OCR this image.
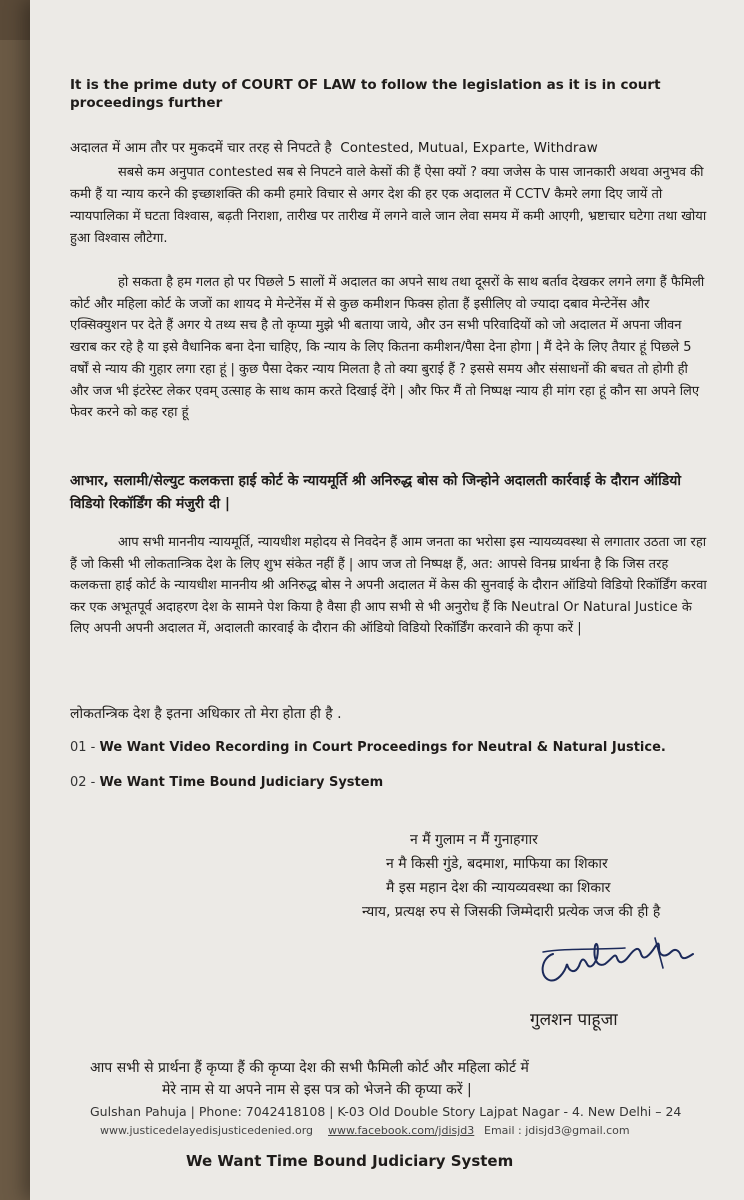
It is the prime duty of COURT OF LAW to follow the legislation as it is in court proceedings further
अदालत में आम तौर पर मुकदमें चार तरह से निपटते है Contested, Mutual, Exparte, Withdraw
सबसे कम अनुपात contested सब से निपटने वाले केसों की हैं ऐसा क्यों ? क्या जजेस के पास जानकारी अथवा अनुभव की कमी हैं या न्याय करने की इच्छाशक्ति की कमी हमारे विचार से अगर देश की हर एक अदालत में CCTV कैमरे लगा दिए जायें तो न्यायपालिका में घटता विश्वास, बढ़ती निराशा, तारीख पर तारीख में लगने वाले जान लेवा समय में कमी आएगी, भ्रष्टाचार घटेगा तथा खोया हुआ विश्वास लौटेगा.
हो सकता है हम गलत हो पर पिछले 5 सालों में अदालत का अपने साथ तथा दूसरों के साथ बर्ताव देखकर लगने लगा हैं फैमिली कोर्ट और महिला कोर्ट के जजों का शायद मे मेन्टेनेंस में से कुछ कमीशन फिक्स होता हैं इसीलिए वो ज्यादा दबाव मेन्टेनेंस और एक्सिक्युशन पर देते हैं अगर ये तथ्य सच है तो कृप्या मुझे भी बताया जाये, और उन सभी परिवादियों को जो अदालत में अपना जीवन खराब कर रहे है या इसे वैधानिक बना देना चाहिए, कि न्याय के लिए कितना कमीशन/पैसा देना होगा | मैं देने के लिए तैयार हूं पिछले 5 वर्षों से न्याय की गुहार लगा रहा हूं | कुछ पैसा देकर न्याय मिलता है तो क्या बुराई हैं ? इससे समय और संसाधनों की बचत तो होगी ही और जज भी इंटरेस्ट लेकर एवम् उत्साह के साथ काम करते दिखाई देंगे | और फिर मैं तो निष्पक्ष न्याय ही मांग रहा हूं कौन सा अपने लिए फेवर करने को कह रहा हूं
आभार, सलामी/सेल्युट कलकत्ता हाई कोर्ट के न्यायमूर्ति श्री अनिरुद्ध बोस को जिन्होने अदालती कार्रवाई के दौरान ऑडियो विडियो रिकॉर्डिंग की मंजुरी दी |
आप सभी माननीय न्यायमूर्ति, न्यायधीश महोदय से निवदेन हैं आम जनता का भरोसा इस न्यायव्यवस्था से लगातार उठता जा रहा हैं जो किसी भी लोकतान्त्रिक देश के लिए शुभ संकेत नहीं हैं | आप जज तो निष्पक्ष हैं, अत: आपसे विनम्र प्रार्थना है कि जिस तरह कलकत्ता हाई कोर्ट के न्यायधीश माननीय श्री अनिरुद्ध बोस ने अपनी अदालत में केस की सुनवाई के दौरान ऑडियो विडियो रिकॉर्डिंग करवा कर एक अभूतपूर्व अदाहरण देश के सामने पेश किया है वैसा ही आप सभी से भी अनुरोध हैं कि Neutral Or Natural Justice के लिए अपनी अपनी अदालत में, अदालती कारवाई के दौरान की ऑडियो विडियो रिकॉर्डिंग करवाने की कृपा करें |
लोकतन्त्रिक देश है इतना अधिकार तो मेरा होता ही है .
01 - We Want Video Recording in Court Proceedings for Neutral & Natural Justice.
02 - We Want Time Bound Judiciary System
न मैं गुलाम न मैं गुनाहगार
न मै किसी गुंडे, बदमाश, माफिया का शिकार
मै इस महान देश की न्यायव्यवस्था का शिकार
न्याय, प्रत्यक्ष रुप से जिसकी जिम्मेदारी प्रत्येक जज की ही है
गुलशन पाहूजा
आप सभी से प्रार्थना हैं कृप्या हैं की कृप्या देश की सभी फैमिली कोर्ट और महिला कोर्ट में
मेरे नाम से या अपने नाम से इस पत्र को भेजने की कृप्या करें |
Gulshan Pahuja | Phone: 7042418108 | K-03 Old Double Story Lajpat Nagar - 4. New Delhi – 24
www.justicedelayedisjusticedenied.org www.facebook.com/jdisjd3 Email : jdisjd3@gmail.com
We Want Time Bound Judiciary System
